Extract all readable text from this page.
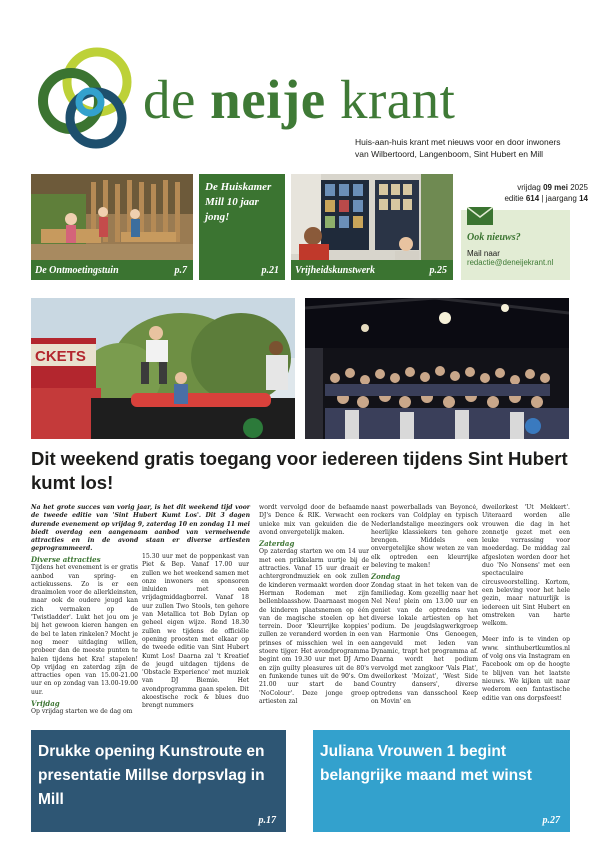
de neije krant
Huis-aan-huis krant met nieuws voor en door inwoners
van Wilbertoord, Langenboom, Sint Hubert en Mill
De Ontmoetingstuin	p.7
De Huiskamer Mill 10 jaar jong!
p.21	Vrijheidskunstwerk	p.25
vrijdag 09 mei 2025
editie 614 | jaargang 14
Ook nieuws?
Mail naar
redactie@deneijekrant.nl
CKETS
Dit weekend gratis toegang voor iedereen tijdens Sint Hubert kumt los!
Na het grote succes van vorig jaar, is het dit weekend tijd voor de tweede editie van 'Sint Hubert Kumt Los'. Dit 3 dagen durende evenement op vrijdag 9, zaterdag 10 en zondag 11 mei biedt overdag een aangenaam aanbod van vermeiwende attracties en in de avond staan er diverse artiesten geprogrammeerd.
Diverse attracties

Tijdens het evenement is er gratis aanbod van spring- en actiekussens. Zo is er een draaimolen voor de allerkleinsten, maar ook de oudere jeugd kan zich vermaken op de 'Twistladder'. Lukt het jou om je bij het gewoon kieren hangen en de bel te laten rinkelen? Mocht je nog meer uitdaging willen, probeer dan de meeste punten te halen tijdens het Kra! stapelen! Op vrijdag en zaterdag zijn de attracties open van 15.00-21.00 uur en op zondag van 13.00-19.00 uur.

Vrijdag

Op vrijdag starten we de dag om

15.30 uur met de poppenkast van Piet & Bep. Vanaf 17.00 uur zullen we het weekend samen met onze inwoners en sponsoren inluiden met een vrijdagmiddagborrel. Vanaf 18 uur zullen Two Stools, ten gehore van Metallica tot Bob Dylan op geheel eigen wijze. Rond 18.30 zullen we tijdens de officiële opening proosten met elkaar op de tweede editie van Sint Hubert Kumt Los! Daarna zal 't Kreatief de jeugd uitdagen tijdens de 'Obstacle Experience' met muziek van DJ Biemie. Het avondprogramma gaan spelen. Dit akoestische rock & blues duo brengt nummers

wordt vervolgd door de befaamde DJ's Dence & RIK. Verwacht een unieke mix van gekuiden die de avond onvergetelijk maken.

Zaterdag

Op zaterdag starten we om 14 uur met een prikkelarm uurtje bij de attracties. Vanaf 15 uur draait er achtergrondmuziek en ook zullen de kinderen vermaakt worden door Herman Rodeman met zijn bellenblaasshow. Daarnaast mogen de kinderen plaatsnemen op één van de magische stoelen op het terrein. Door 'Kleurrijke koppies' zullen ze veranderd worden in een prinses of misschien wel in een stoere tijger. Het avondprogramma begint om 19.30 uur met DJ Arno en zijn guilty pleasures uit de 80's en funkende tunes uit de 90's. Om 21.00 uur start de band 'NoColour'. Deze jonge groep artiesten zal

naast powerballads van Beyoncé, rockers van Coldplay en typisch Nederlandstalige meezingers ook heerlijke klassiekers ten gehore brengen. Middels een onvergetelijke show weten ze van elk optreden een kleurrijke beleving te maken!

Zondag

Zondag staat in het teken van de familiedag. Kom gezellig naar het Nel Neu! plein om 13.00 uur en geniet van de optredens van diverse lokale artiesten op het podium. De jeugdslagwerkgroep van Harmonie Ons Genoegen, aangevuld met leden van Dynamic, trapt het programma af. Daarna wordt het podium vervolgd met zangkoor 'Vals Plat', dweilorkest 'Moizat', 'West Side Country dansers', diverse optredens van dansschool Keep on Movin' en

dweilorkest 'Ut Mekkert'. Uiteraard worden alle vrouwen die dag in het zonnetje gezet met een leuke verrassing voor moederdag. De middag zal afgesloten worden door het duo 'No Nonsens' met een spectaculaire circusvoorstelling. Kortom, een beleving voor het hele gezin, maar natuurlijk is iedereen uit Sint Hubert en omstreken van harte welkom.

Meer info is te vinden op www. sinthubertkumtlos.nl of volg ons via Instagram en Facebook om op de hoogte te blijven van het laatste nieuws. We kijken uit naar wederom een fantastische editie van ons dorpsfeest!

Drukke opening Kunstroute en presentatie Millse dorpsvlag in Mill
p.17
Juliana Vrouwen 1 begint belangrijke maand met winst
p.27
